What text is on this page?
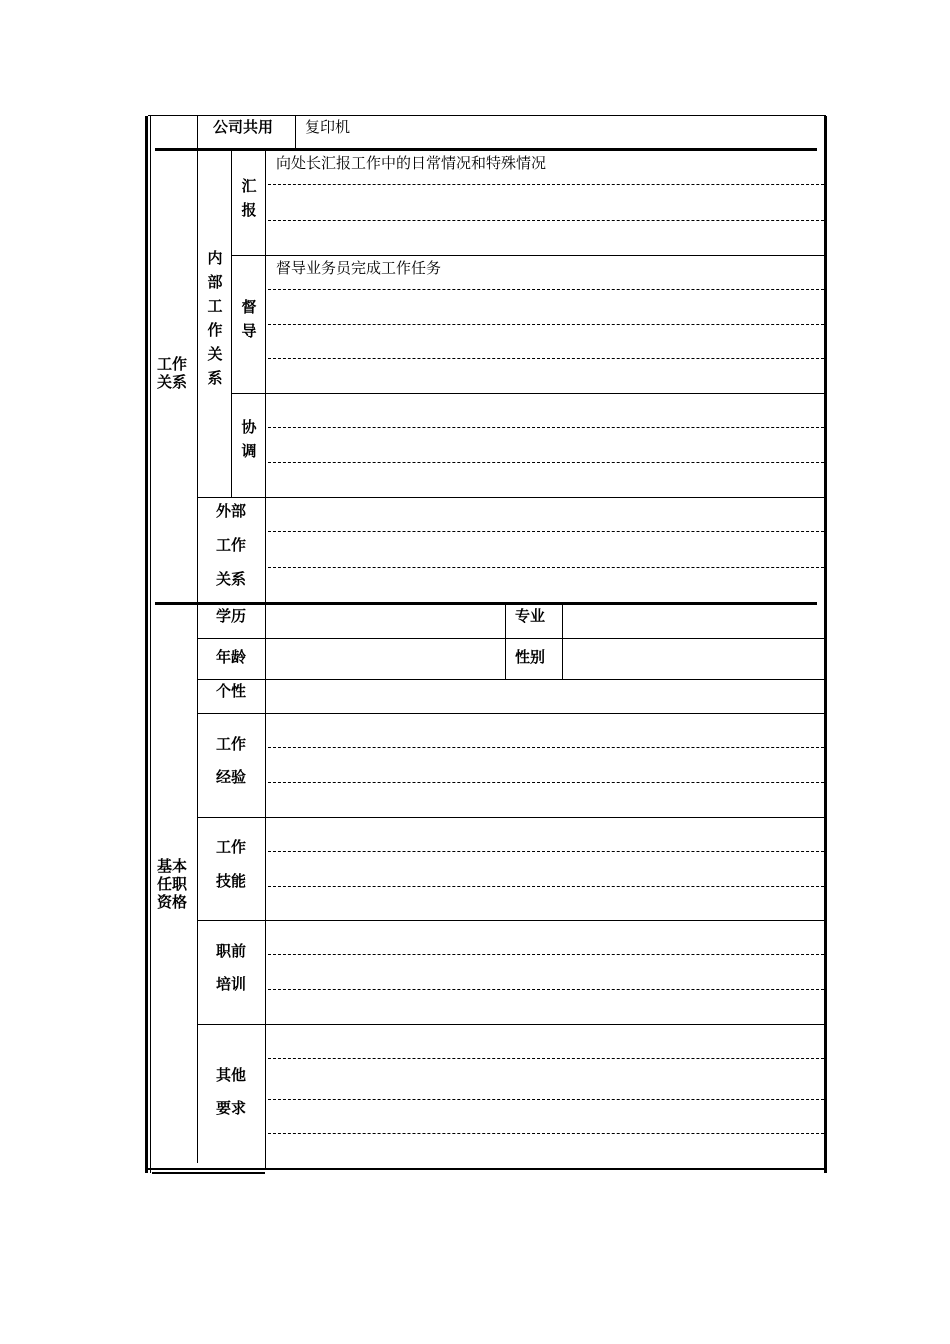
公司共用 复印机
工作关系
内部工作关系
汇报
向处长汇报工作中的日常情况和特殊情况
督导
督导业务员完成工作任务
协调
外部
工作
关系
基本任职资格
学历	专业
年龄	性别
个性
工作
经验
工作
技能
职前
培训
其他
要求
